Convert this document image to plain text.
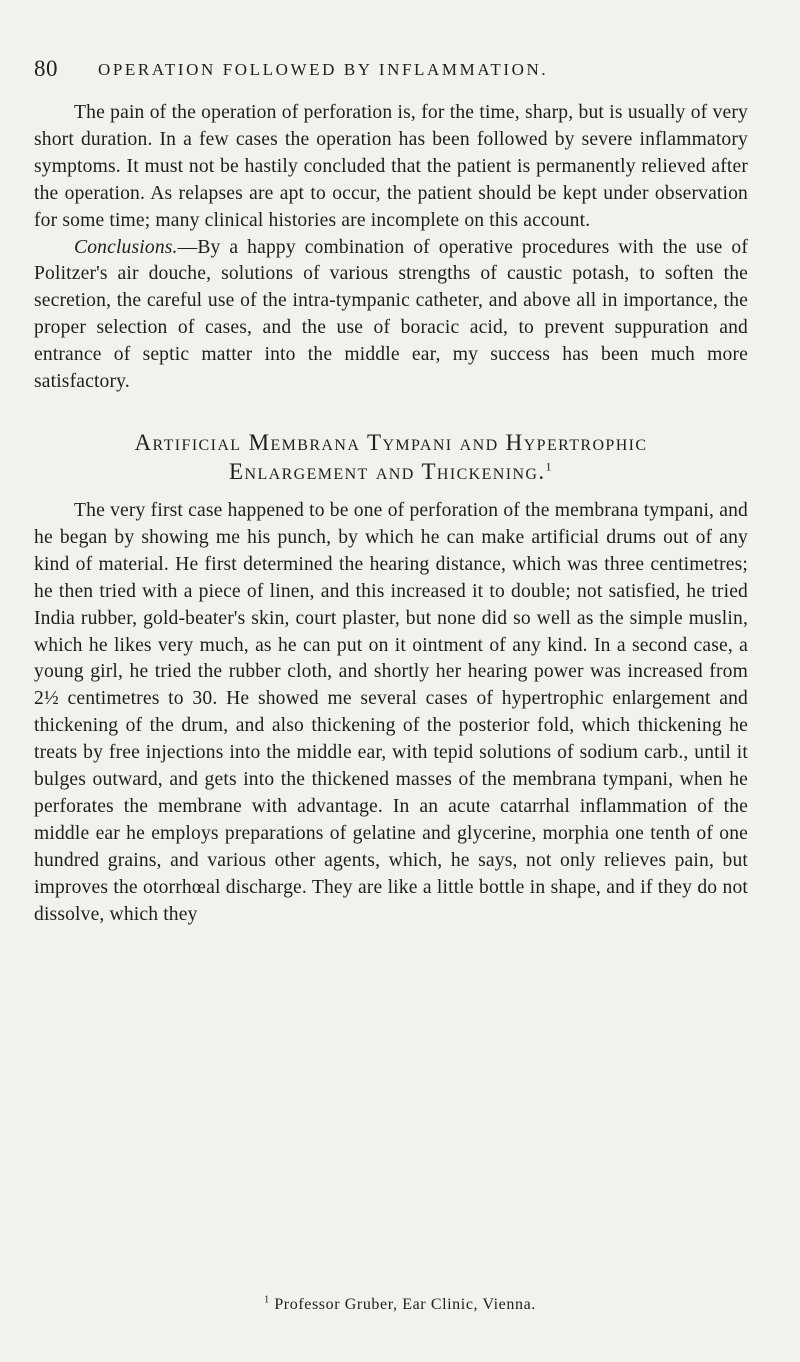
80 OPERATION FOLLOWED BY INFLAMMATION.

The pain of the operation of perforation is, for the time, sharp, but is usually of very short duration. In a few cases the operation has been followed by severe inflammatory symptoms. It must not be hastily concluded that the patient is permanently relieved after the operation. As relapses are apt to occur, the patient should be kept under observation for some time; many clinical histories are incomplete on this account.

Conclusions.—By a happy combination of operative procedures with the use of Politzer's air douche, solutions of various strengths of caustic potash, to soften the secretion, the careful use of the intra-tympanic catheter, and above all in importance, the proper selection of cases, and the use of boracic acid, to prevent suppuration and entrance of septic matter into the middle ear, my success has been much more satisfactory.

Artificial Membrana Tympani and Hypertrophic

Enlargement and Thickening.$^1$

The very first case happened to be one of perforation of the membrana tympani, and he began by showing me his punch, by which he can make artificial drums out of any kind of material. He first determined the hearing distance, which was three centimetres; he then tried with a piece of linen, and this increased it to double; not satisfied, he tried India rubber, gold-beater's skin, court plaster, but none did so well as the simple muslin, which he likes very much, as he can put on it ointment of any kind. In a second case, a young girl, he tried the rubber cloth, and shortly her hearing power was increased from 2½ centimetres to 30. He showed me several cases of hypertrophic enlargement and thickening of the drum, and also thickening of the posterior fold, which thickening he treats by free injections into the middle ear, with tepid solutions of sodium carb., until it bulges outward, and gets into the thickened masses of the membrana tympani, when he perforates the membrane with advantage. In an acute catarrhal inflammation of the middle ear he employs preparations of gelatine and glycerine, morphia one tenth of one hundred grains, and various other agents, which, he says, not only relieves pain, but improves the otorrhœal discharge. They are like a little bottle in shape, and if they do not dissolve, which they

$^1$ Professor Gruber, Ear Clinic, Vienna.
